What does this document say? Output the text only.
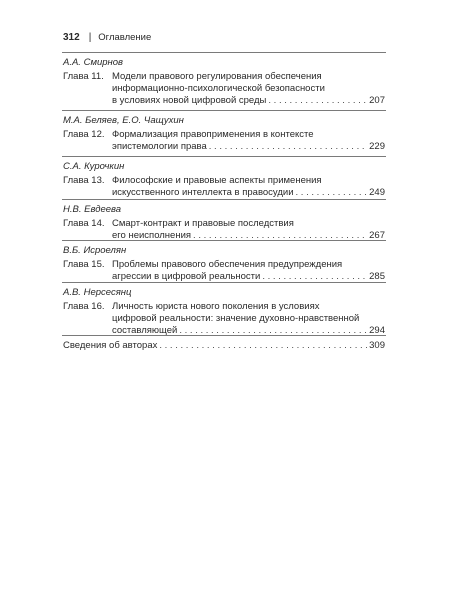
312 | Оглавление
А.А. Смирнов
Глава 11. Модели правового регулирования обеспечения
информационно-психологической безопасности
в условиях новой цифровой среды . . .	207
М.А. Беляев, Е.О. Чащухин
Глава 12. Формализация правоприменения в контексте
эпистемологии права . . .	229
С.А. Курочкин
Глава 13. Философские и правовые аспекты применения
искусственного интеллекта в правосудии . . .	249
Н.В. Евдеева
Глава 14. Смарт-контракт и правовые последствия
его неисполнения . . .	267
В.Б. Исроелян
Глава 15. Проблемы правового обеспечения предупреждения
агрессии в цифровой реальности . . .	285
А.В. Нерсесянц
Глава 16. Личность юриста нового поколения в условиях
цифровой реальности: значение духовно-нравственной
составляющей . . .	294
Сведения об авторах . . .	309
